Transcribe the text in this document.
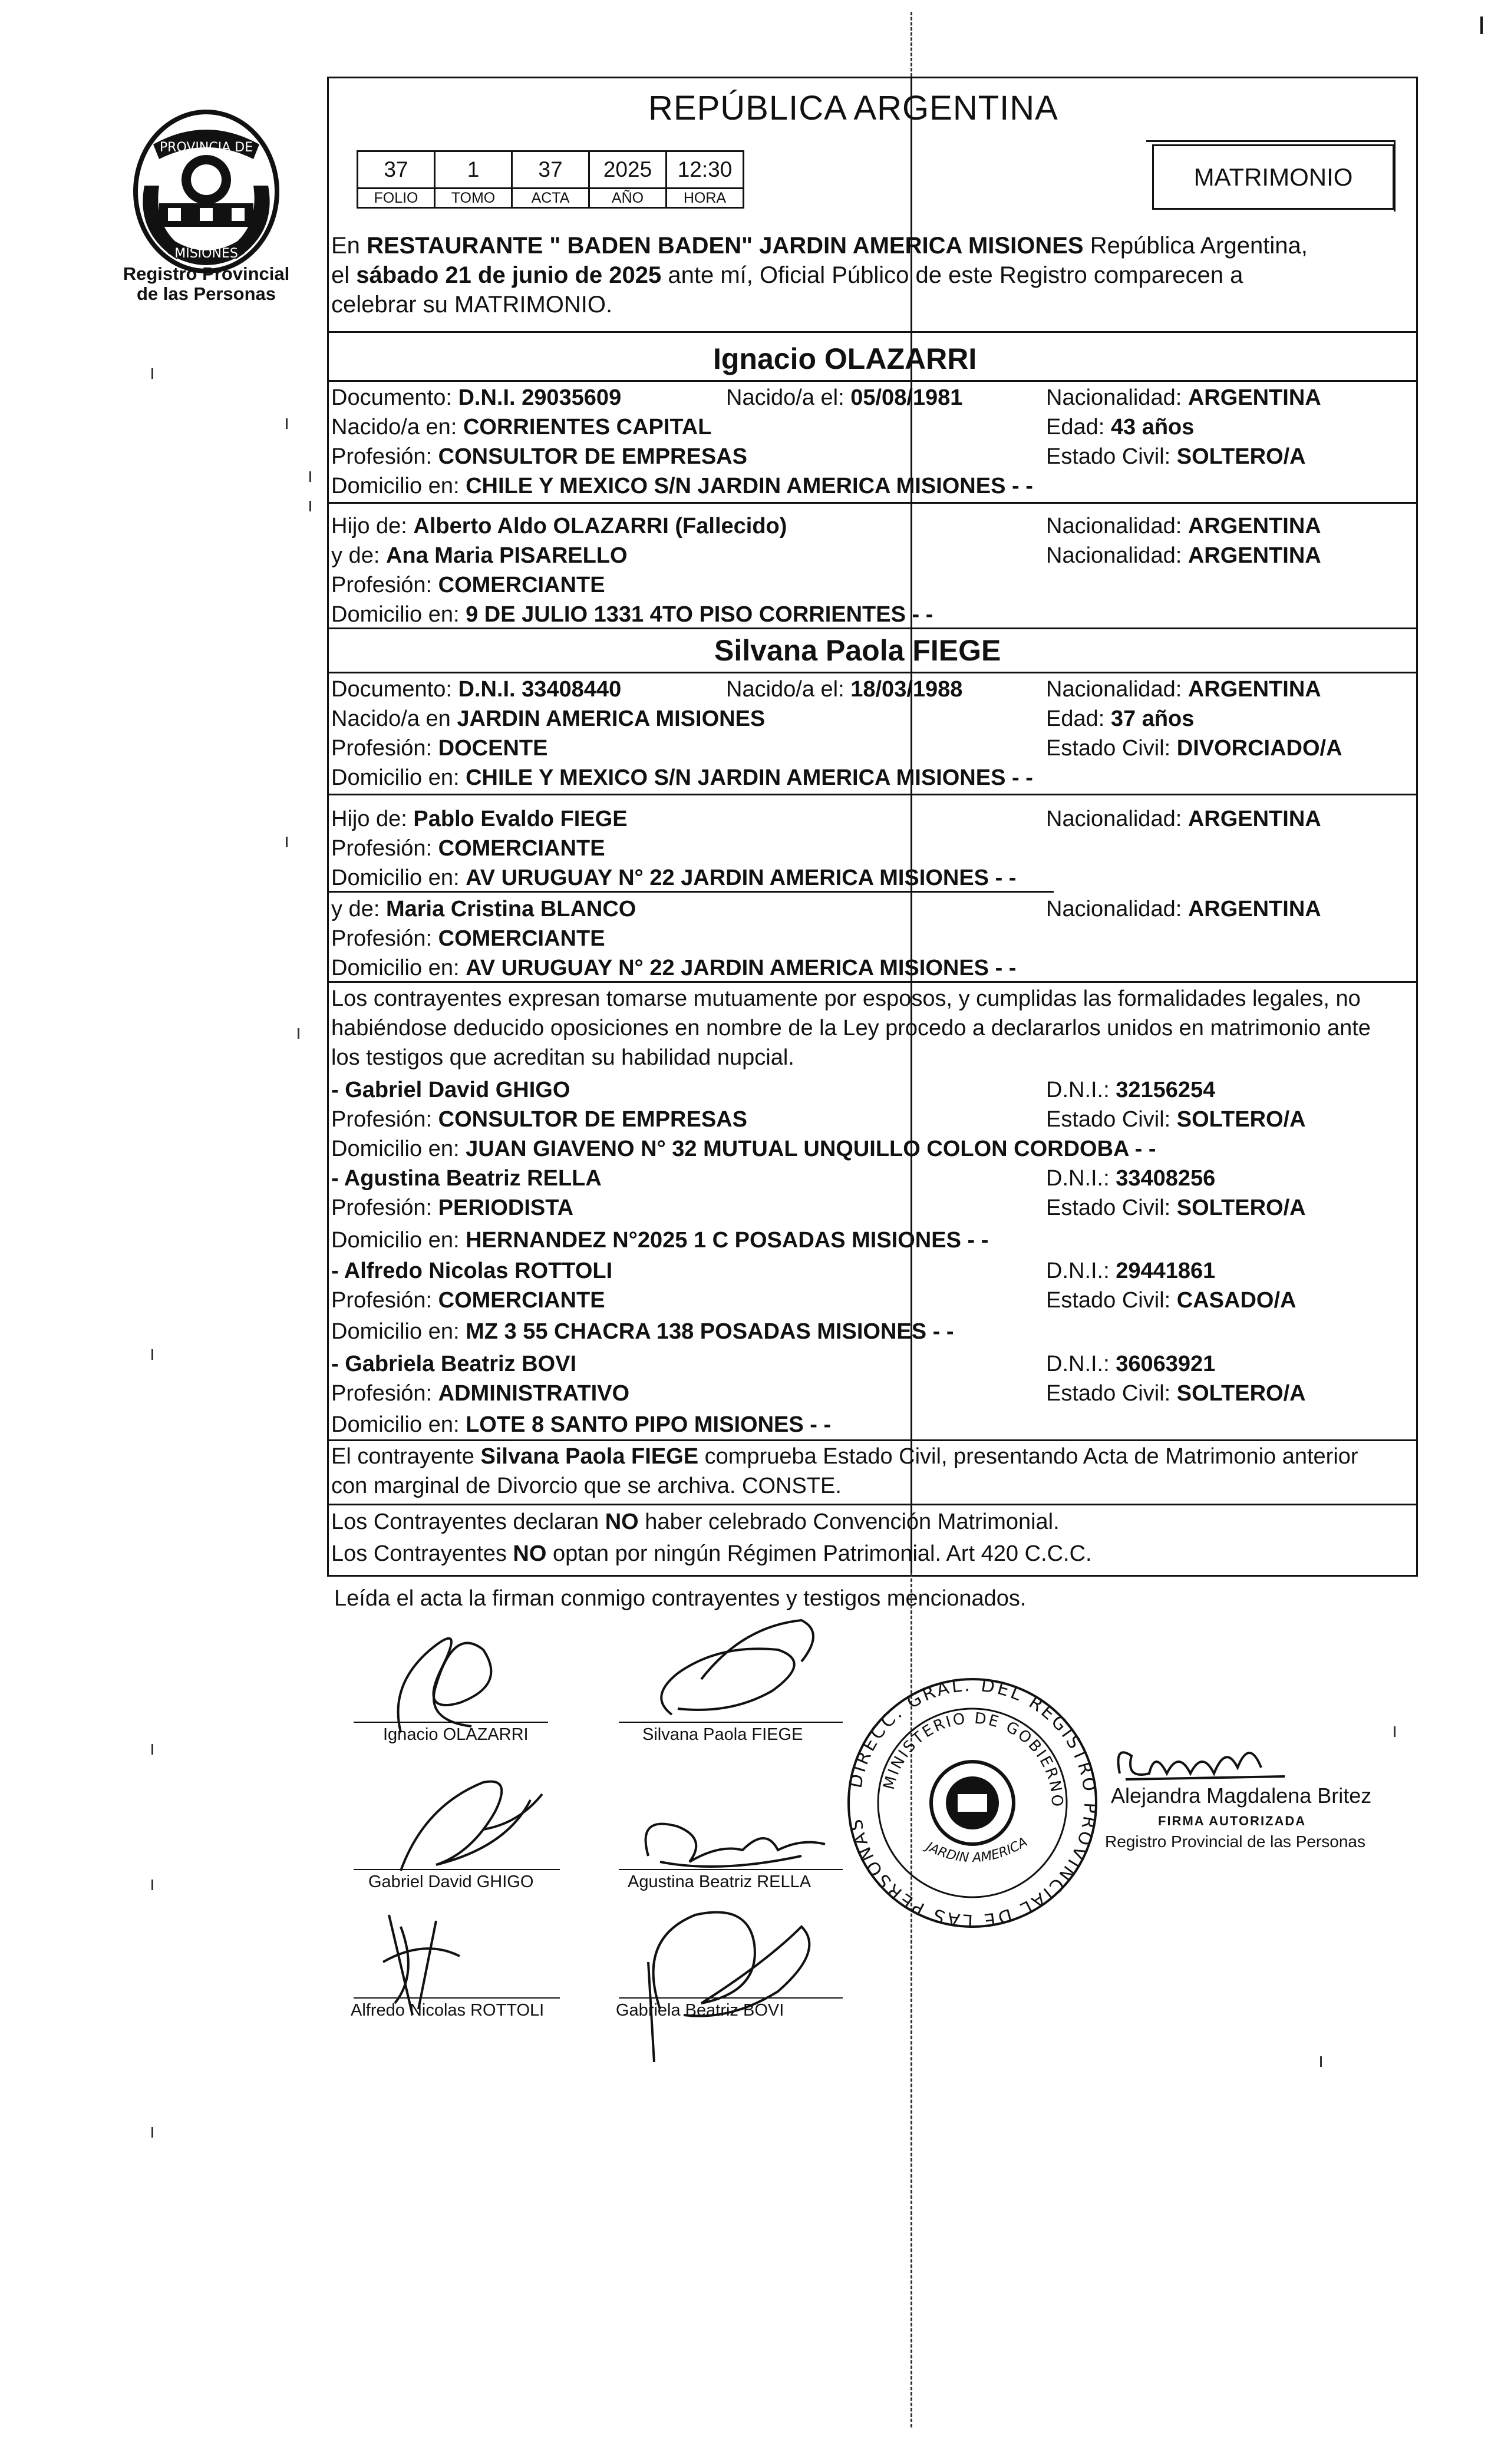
PROVINCIA DE
MISIONES
Registro Provincial
de las Personas
REPÚBLICA ARGENTINA
37	1	37	2025	12:30
FOLIO	TOMO	ACTA	AÑO	HORA
MATRIMONIO
En RESTAURANTE " BADEN BADEN" JARDIN AMERICA MISIONES República Argentina,
el sábado 21 de junio de 2025 ante mí, Oficial Público de este Registro comparecen a
celebrar su MATRIMONIO.
Ignacio OLAZARRI
Documento: D.N.I. 29035609	Nacido/a el: 05/08/1981	Nacionalidad: ARGENTINA
Nacido/a en: CORRIENTES CAPITAL	Edad: 43 años
Profesión: CONSULTOR DE EMPRESAS	Estado Civil: SOLTERO/A
Domicilio en: CHILE Y MEXICO S/N JARDIN AMERICA MISIONES - -
Hijo de: Alberto Aldo OLAZARRI (Fallecido)	Nacionalidad: ARGENTINA
y de: Ana Maria PISARELLO	Nacionalidad: ARGENTINA
Profesión: COMERCIANTE
Domicilio en: 9 DE JULIO 1331 4TO PISO CORRIENTES - -
Silvana Paola FIEGE
Documento: D.N.I. 33408440	Nacido/a el: 18/03/1988	Nacionalidad: ARGENTINA
Nacido/a en JARDIN AMERICA MISIONES	Edad: 37 años
Profesión: DOCENTE	Estado Civil: DIVORCIADO/A
Domicilio en: CHILE Y MEXICO S/N JARDIN AMERICA MISIONES - -
Hijo de: Pablo Evaldo FIEGE	Nacionalidad: ARGENTINA
Profesión: COMERCIANTE
Domicilio en: AV URUGUAY N° 22 JARDIN AMERICA MISIONES - -
y de: Maria Cristina BLANCO	Nacionalidad: ARGENTINA
Profesión: COMERCIANTE
Domicilio en: AV URUGUAY N° 22 JARDIN AMERICA MISIONES - -
Los contrayentes expresan tomarse mutuamente por esposos, y cumplidas las formalidades legales, no
habiéndose deducido oposiciones en nombre de la Ley procedo a declararlos unidos en matrimonio ante
los testigos que acreditan su habilidad nupcial.
- Gabriel David GHIGO	D.N.I.: 32156254
Profesión: CONSULTOR DE EMPRESAS	Estado Civil: SOLTERO/A
Domicilio en: JUAN GIAVENO N° 32 MUTUAL UNQUILLO COLON CORDOBA - -
- Agustina Beatriz RELLA	D.N.I.: 33408256
Profesión: PERIODISTA	Estado Civil: SOLTERO/A
Domicilio en: HERNANDEZ N°2025 1 C POSADAS MISIONES - -
- Alfredo Nicolas ROTTOLI	D.N.I.: 29441861
Profesión: COMERCIANTE	Estado Civil: CASADO/A
Domicilio en: MZ 3 55 CHACRA 138 POSADAS MISIONES - -
- Gabriela Beatriz BOVI	D.N.I.: 36063921
Profesión: ADMINISTRATIVO	Estado Civil: SOLTERO/A
Domicilio en: LOTE 8 SANTO PIPO MISIONES - -
El contrayente Silvana Paola FIEGE comprueba Estado Civil, presentando Acta de Matrimonio anterior
con marginal de Divorcio que se archiva. CONSTE.
Los Contrayentes declaran NO haber celebrado Convención Matrimonial.
Los Contrayentes NO optan por ningún Régimen Patrimonial. Art 420 C.C.C.
Leída el acta la firman conmigo contrayentes y testigos mencionados.
Ignacio OLAZARRI	Silvana Paola FIEGE
Gabriel David GHIGO	Agustina Beatriz RELLA
Alfredo Nicolas ROTTOLI	Gabriela Beatriz BOVI
DIRECC. GRAL. DEL REGISTRO PROVINCIAL DE LAS PERSONAS
MINISTERIO DE GOBIERNO
JARDIN AMERICA
Alejandra Magdalena Britez
FIRMA AUTORIZADA
Registro Provincial de las Personas
